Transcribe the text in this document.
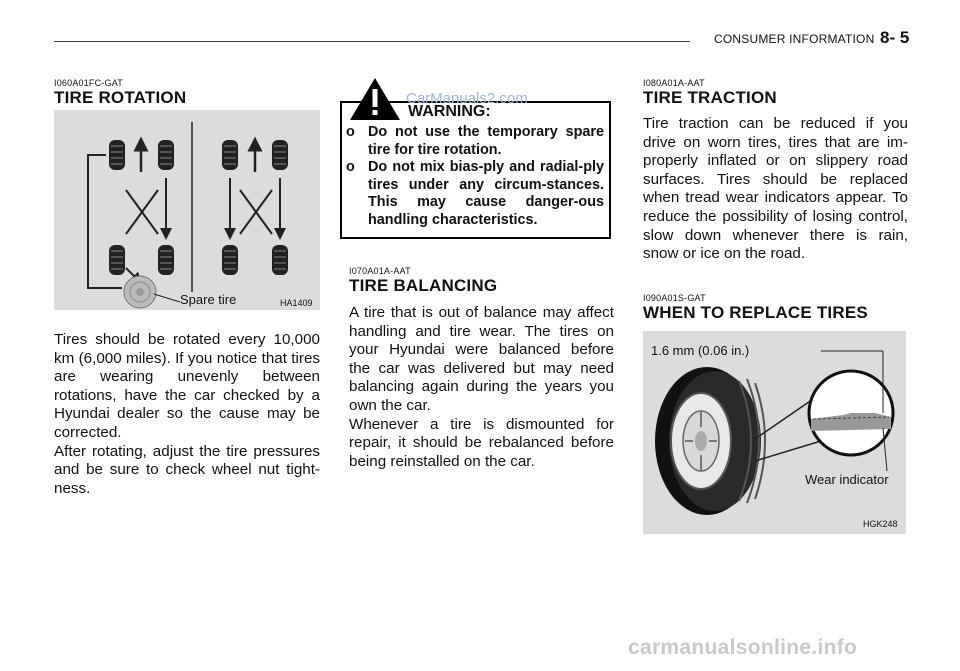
CONSUMER INFORMATION 8- 5
I060A01FC-GAT
TIRE ROTATION
Spare tire	HA1409

Tires should be rotated every 10,000 km (6,000 miles). If you notice that tires are wearing unevenly between rotations, have the car checked by a Hyundai dealer so the cause may be corrected.

After rotating, adjust the tire pressures and be sure to check wheel nut tight-ness.

CarManuals2.com
WARNING:
o Do not use the temporary spare tire for tire rotation.
o Do not mix bias-ply and radial-ply tires under any circum-stances. This may cause danger-ous handling characteristics.
I070A01A-AAT
TIRE BALANCING

A tire that is out of balance may affect handling and tire wear. The tires on your Hyundai were balanced before the car was delivered but may need balancing again during the years you own the car.

Whenever a tire is dismounted for repair, it should be rebalanced before being reinstalled on the car.

I080A01A-AAT
TIRE TRACTION

Tire traction can be reduced if you drive on worn tires, tires that are im-properly inflated or on slippery road surfaces. Tires should be replaced when tread wear indicators appear. To reduce the possibility of losing control, slow down whenever there is rain, snow or ice on the road.

I090A01S-GAT
WHEN TO REPLACE TIRES
1.6 mm (0.06 in.)
Wear indicator
HGK248
carmanualsonline.info
